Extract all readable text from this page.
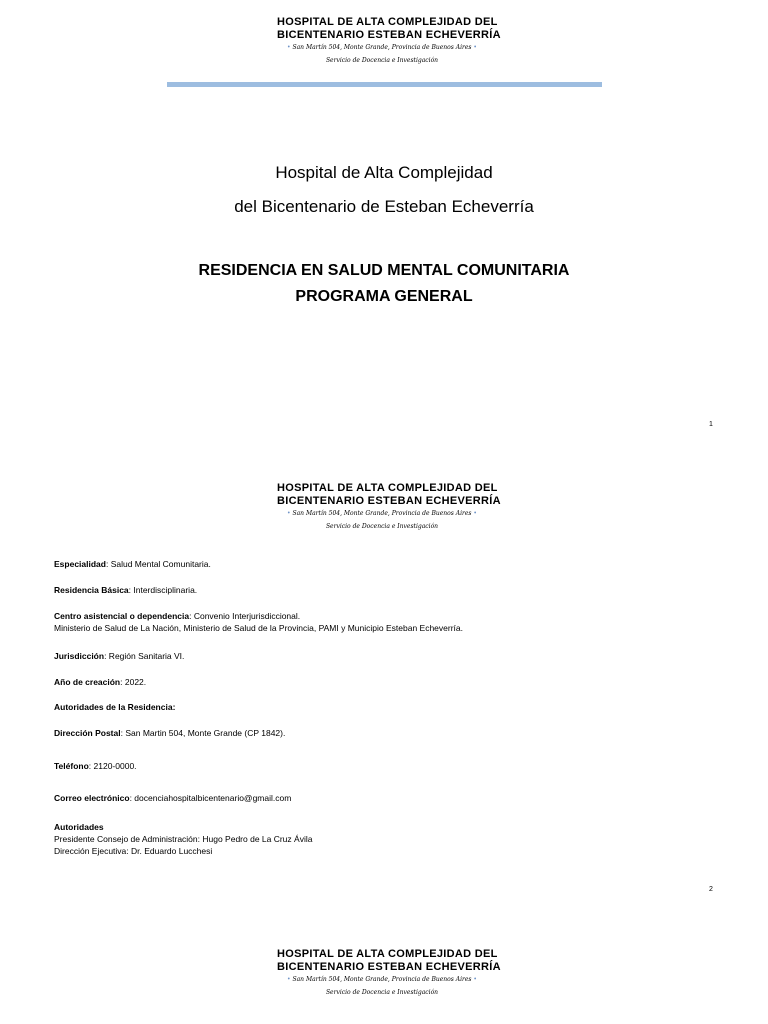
HOSPITAL DE ALTA COMPLEJIDAD DEL
BICENTENARIO ESTEBAN ECHEVERRÍA
• San Martín 504, Monte Grande, Provincia de Buenos Aires •
Servicio de Docencia e Investigación
Hospital de Alta Complejidad
del Bicentenario de Esteban Echeverría
RESIDENCIA EN SALUD MENTAL COMUNITARIA
PROGRAMA GENERAL
1
HOSPITAL DE ALTA COMPLEJIDAD DEL
BICENTENARIO ESTEBAN ECHEVERRÍA
• San Martín 504, Monte Grande, Provincia de Buenos Aires •
Servicio de Docencia e Investigación
Especialidad: Salud Mental Comunitaria.
Residencia Básica: Interdisciplinaria.
Centro asistencial o dependencia: Convenio Interjurisdiccional.
Ministerio de Salud de La Nación, Ministerio de Salud de la Provincia, PAMI y Municipio Esteban Echeverría.
Jurisdicción: Región Sanitaria VI.
Año de creación: 2022.
Autoridades de la Residencia:
Dirección Postal: San Martin 504, Monte Grande (CP 1842).
Teléfono: 2120-0000.
Correo electrónico: docenciahospitalbicentenario@gmail.com
Autoridades
Presidente Consejo de Administración: Hugo Pedro de La Cruz Ávila
Dirección Ejecutiva: Dr. Eduardo Lucchesi
2
HOSPITAL DE ALTA COMPLEJIDAD DEL
BICENTENARIO ESTEBAN ECHEVERRÍA
• San Martín 504, Monte Grande, Provincia de Buenos Aires •
Servicio de Docencia e Investigación
